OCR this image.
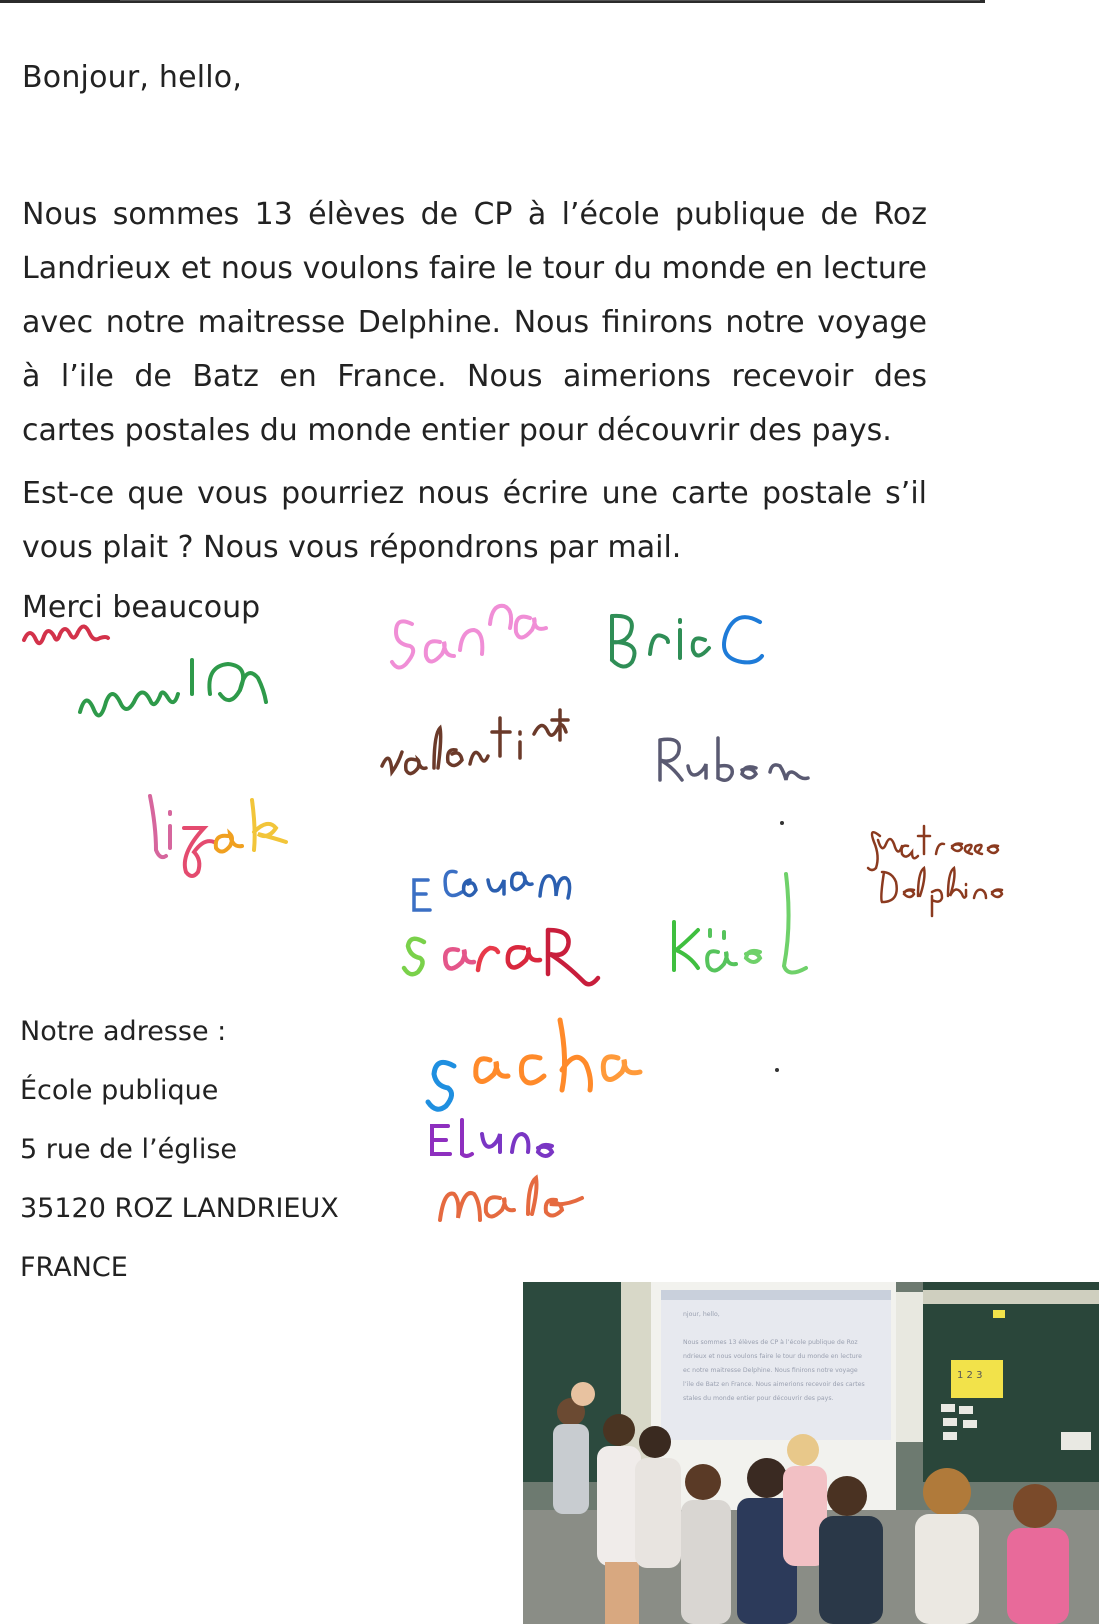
Bonjour, hello,
Nous sommes 13 élèves de CP à l’école publique de Roz Landrieux et nous voulons faire le tour du monde en lecture avec notre maitresse Delphine. Nous finirons notre voyage à l’ile de Batz en France. Nous aimerions recevoir des cartes postales du monde entier pour découvrir des pays.
Est-ce que vous pourriez nous écrire une carte postale s’il vous plait ? Nous vous répondrons par mail.
Merci beaucoup
Notre adresse :
École publique
5 rue de l’église
35120 ROZ LANDRIEUX
FRANCE
njour, hello,
Nous sommes 13 élèves de CP à l’école publique de Roz
ndrieux et nous voulons faire le tour du monde en lecture
ec notre maitresse Delphine. Nous finirons notre voyage
l’ile de Batz en France. Nous aimerions recevoir des cartes
stales du monde entier pour découvrir des pays.
1 2 3
